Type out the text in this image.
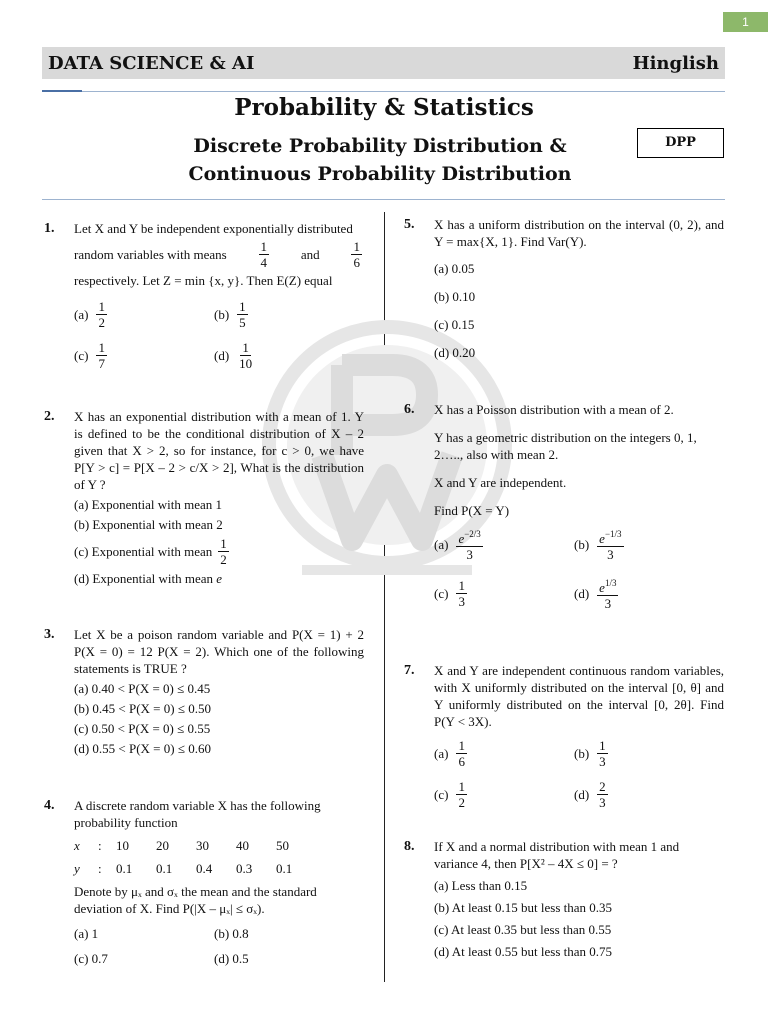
1
DATA SCIENCE & AI	Hinglish
Probability & Statistics
Discrete Probability Distribution &
Continuous Probability Distribution
DPP
1. Let X and Y be independent exponentially distributed
random variables with means $\frac{1}{4}$ and $\frac{1}{6}$
respectively. Let Z = min {x, y}. Then E(Z) equal
$(a) \frac{1}{2}$	$(b) \frac{1}{5}$
$(c) \frac{1}{7}$	$(d) \frac{1}{10}$
2. X has an exponential distribution with a mean of 1. Y is defined to be the conditional distribution of X – 2 given that X > 2, so for instance, for c > 0, we have P[Y > c] = P[X – 2 > c/X > 2], What is the distribution of Y ?
(a) Exponential with mean 1
(b) Exponential with mean 2
(c) Exponential with mean $\frac{1}{2}$
(d) Exponential with mean e
3. Let X be a poison random variable and P(X = 1) + 2 P(X = 0) = 12 P(X = 2). Which one of the following statements is TRUE ?
(a) 0.40 < P(X = 0) ≤ 0.45
(b) 0.45 < P(X = 0) ≤ 0.50
(c) 0.50 < P(X = 0) ≤ 0.55
(d) 0.55 < P(X = 0) ≤ 0.60
4. A discrete random variable X has the following probability function
x	:	10	20	30	40	50
y	:	0.1	0.1	0.4	0.3	0.1
Denote by μₓ and σₓ the mean and the standard deviation of X. Find P(|X – μₓ| ≤ σₓ).
(a) 1	(b) 0.8
(c) 0.7	(d) 0.5
5. X has a uniform distribution on the interval (0, 2), and Y = max{X, 1}. Find Var(Y).
(a) 0.05
(b) 0.10
(c) 0.15
(d) 0.20
6. X has a Poisson distribution with a mean of 2.
Y has a geometric distribution on the integers 0, 1, 2….., also with mean 2.
X and Y are independent.
Find P(X = Y)
$(a) \frac{e^{-2/3}}{3}$	$(b) \frac{e^{-1/3}}{3}$
$(c) \frac{1}{3}$	$(d) \frac{e^{1/3}}{3}$
7. X and Y are independent continuous random variables, with X uniformly distributed on the interval [0, θ] and Y uniformly distributed on the interval [0, 2θ]. Find P(Y < 3X).
$(a) \frac{1}{6}$	$(b) \frac{1}{3}$
$(c) \frac{1}{2}$	$(d) \frac{2}{3}$
8. If X and a normal distribution with mean 1 and variance 4, then P[X² – 4X ≤ 0] = ?
(a) Less than 0.15
(b) At least 0.15 but less than 0.35
(c) At least 0.35 but less than 0.55
(d) At least 0.55 but less than 0.75
